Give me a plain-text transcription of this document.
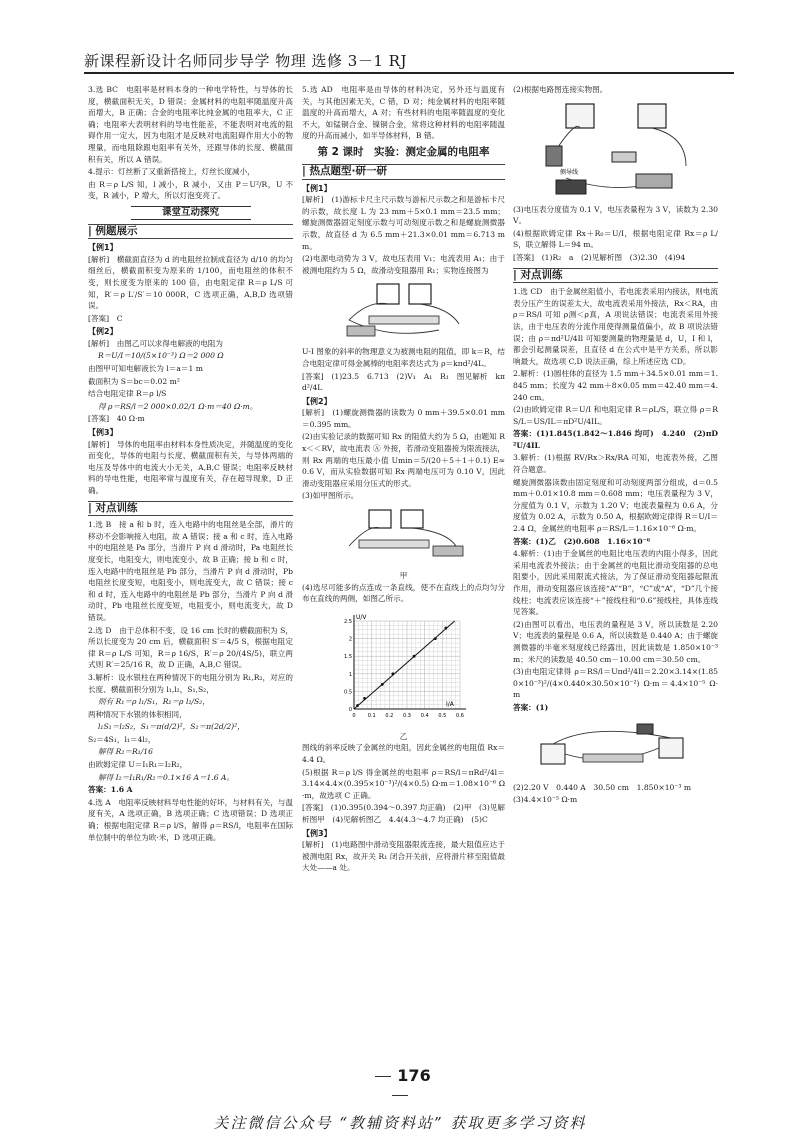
新课程新设计名师同步导学 物理 选修 3－1 RJ
3.选 BC　电阻率是材料本身的一种电学特性，与导体的长度，横截面积无关，D 错误；金属材料的电阻率随温度升高而增大，B 正确；合金的电阻率比纯金属的电阻率大，C 正确；电阻率大表明材料的导电性能差，不能表明对电流的阻碍作用一定大，因为电阻才是反映对电流阻碍作用大小的物理量，而电阻除跟电阻率有关外，还跟导体的长度、横截面积有关，所以 A 错误。
4.提示：灯丝断了又重新搭接上，灯丝长度减小，
由 R＝ρ L/S 知，l 减小，R 减小，又由 P＝U²/R，U 不变，R 减小，P 增大，所以灯泡变亮了。
课堂互动探究
| 例题展示
【例1】
[解析]　横截面直径为 d 的电阻丝拉制成直径为 d/10 的均匀细丝后，横截面积变为原来的 1/100，而电阻丝的体积不变，则长度变为原来的 100 倍，由电阻定律 R＝ρ L/S 可知，R′＝ρ L′/S′＝10 000R，C 选项正确，A,B,D 选项错误。
[答案]　C
【例2】
[解析]　由图乙可以求得电解液的电阻为
R＝U/I＝10/(5×10⁻³) Ω＝2 000 Ω
由图甲可知电解液长为 l＝a＝1 m
截面积为 S＝bc＝0.02 m²
结合电阻定律 R＝ρ l/S
得 ρ＝RS/l＝2 000×0.02/1 Ω·m＝40 Ω·m。
[答案]　40 Ω·m
【例3】
[解析]　导体的电阻率由材料本身性质决定，并随温度的变化而变化，导体的电阻与长度、横截面积有关，与导体两端的电压及导体中的电流大小无关，A,B,C 错误；电阻率反映材料的导电性能，电阻率常与温度有关，存在超导现象，D 正确。
| 对点训练
1.选 B　接 a 和 b 时，连入电路中的电阻丝是全部，滑片的移动不会影响接入电阻，故 A 错误；接 a 和 c 时，连入电路中的电阻丝是 Pa 部分，当滑片 P 向 d 滑动时，Pa 电阻丝长度变长，电阻变大，则电流变小，故 B 正确；接 b 和 c 时，连入电路中的电阻丝是 Pb 部分，当滑片 P 向 d 滑动时，Pb 电阻丝长度变短，电阻变小，则电流变大，故 C 错误；接 c 和 d 时，连入电路中的电阻丝是 Pb 部分，当滑片 P 向 d 滑动时，Pb 电阻丝长度变短，电阻变小，则电流变大，故 D 错误。
2.选 D　由于总体积不变，设 16 cm 长时的横截面积为 S，所以长度变为 20 cm 后，横截面积 S′＝4/5 S，根据电阻定律 R＝ρ L/S 可知，R＝ρ 16/S，R′＝ρ 20/(4S/5)，联立两式则 R′＝25/16 R，故 D 正确，A,B,C 错误。
3.解析：设水银柱在两种情况下的电阻分别为 R₁,R₂，对应的长度、横截面积分别为 l₁,l₂，S₁,S₂，
则有 R₁＝ρ l₁/S₁，R₂＝ρ l₂/S₂，
两种情况下水银的体积相同，
l₁S₁＝l₂S₂，S₁＝π(d/2)²，S₂＝π(2d/2)²，
S₂＝4S₁，l₁＝4l₂，
解得 R₂＝R₁/16
由欧姆定律 U＝I₁R₁＝I₂R₂，
解得 I₂＝I₁R₁/R₂＝0.1×16 A＝1.6 A。
答案：1.6 A
4.选 A　电阻率反映材料导电性能的好坏，与材料有关，与温度有关，A 选项正确，B 选项正确；C 选项错误；D 选项正确；根据电阻定律 R＝ρ l/S，解得 ρ＝RS/l，电阻率在国际单位制中的单位为欧·米，D 选项正确。
5.选 AD　电阻率是由导体的材料决定，另外还与温度有关，与其他因素无关，C 错，D 对；纯金属材料的电阻率随温度的升高而增大，A 对；有些材料的电阻率随温度的变化不大，如锰铜合金、镍铜合金，常将这种材料的电阻率随温度的升高而减小，如半导体材料，B 错。
第 2 课时　实验：测定金属的电阻率
| 热点题型·研一研
【例1】
[解析]　(1)游标卡尺主尺示数与游标尺示数之和是游标卡尺的示数，故长度 L 为 23 mm＋5×0.1 mm＝23.5 mm；螺旋测微器固定刻度示数与可动刻度示数之和是螺旋测微器示数，故直径 d 为 6.5 mm＋21.3×0.01 mm＝6.713 mm。
(2)电源电动势为 3 V，故电压表用 V₁；电流表用 A₁；由于被测电阻约为 5 Ω，故滑动变阻器用 R₁；实物连接图为
U-I 图象的斜率的物理意义为被测电阻的阻值，即 k＝R，结合电阻定律可得金属棒的电阻率表达式为 ρ＝kπd²/4L。
[答案]　(1)23.5　6.713　(2)V₁　A₁　R₁　图见解析　kπd²/4L
【例2】
[解析]　(1)螺旋测微器的读数为 0 mm＋39.5×0.01 mm＝0.395 mm。
(2)由实验记录的数据可知 Rx 的阻值大约为 5 Ω，由题知 Rx＜＜RV，故电流表 Ⓐ 外接，若滑动变阻器接为限流接法，则 Rx 两端的电压最小值 Umin＝5/(20＋5＋1＋0.1) E≈0.6 V，而从实验数据可知 Rx 两端电压可为 0.10 V，因此滑动变阻器应采用分压式的形式。
(3)如甲图所示。
甲
(4)选尽可能多的点连成一条直线，使不在直线上的点均匀分布在直线的两侧，如图乙所示。
I/A
U/V
0 0.1 0.2 0.3 0.4 0.5 0.6
0
0.5
1
1.5
2
2.5
乙
图线的斜率反映了金属丝的电阻，因此金属丝的电阻值 Rx＝4.4 Ω。
(5)根据 R＝ρ l/S 得金属丝的电阻率 ρ＝RS/l＝πRd²/4l＝3.14×4.4×(0.395×10⁻³)²/(4×0.5) Ω·m＝1.08×10⁻⁶ Ω·m，故选项 C 正确。
[答案]　(1)0.395(0.394～0.397 均正确)　(2)甲　(3)见解析图甲　(4)见解析图乙　4.4(4.3～4.7 均正确)　(5)C
【例3】
[解析]　(1)电路图中滑动变阻器限流连接，最大阻值应达于被测电阻 Rx，故开关 R₁ 闭合开关前，应将滑片移至阻值最大处——a 处。
(2)根据电路图连接实物图。
侧导线
(3)电压表分度值为 0.1 V，电压表量程为 3 V，读数为 2.30 V。
(4)根据欧姆定律 Rx＋R₀＝U/I，根据电阻定律 Rx＝ρ L/S，联立解得 L＝94 m。
[答案]　(1)R₂　a　(2)见解析图　(3)2.30　(4)94
| 对点训练
1.选 CD　由于金属丝阻值小，若电流表采用内接法，则电流表分压产生的误差太大，故电流表采用外接法，Rx＜RA，由 ρ＝RS/l 可知 ρ测＜ρ真，A 项说法错误；电流表采用外接法，由于电压表的分流作用使得测量值偏小，故 B 项说法错误；由 ρ＝πd²U/4Il 可知要测量的物理量是 d，U，I 和 l，都会引起测量误差，且直径 d 在公式中是平方关系，所以影响最大，故选项 C,D 说法正确，综上所述应选 CD。
2.解析：(1)圆柱体的直径为 1.5 mm＋34.5×0.01 mm＝1.845 mm；长度为 42 mm＋8×0.05 mm＝42.40 mm＝4.240 cm。
(2)由欧姆定律 R＝U/I 和电阻定律 R＝ρL/S，联立得 ρ＝RS/L＝US/IL＝πD²U/4IL。
答案：(1)1.845(1.842～1.846 均可)　4.240　(2)πD²U/4IL
3.解析：(1)根据 RV/Rx＞Rx/RA 可知，电流表外接，乙图符合题意。
螺旋测微器读数由固定刻度和可动刻度两部分组成，d＝0.5 mm＋0.01×10.8 mm＝0.608 mm；电压表量程为 3 V，分度值为 0.1 V，示数为 1.20 V；电流表量程为 0.6 A，分度值为 0.02 A，示数为 0.50 A，根据欧姆定律得 R＝U/I＝2.4 Ω，金属丝的电阻率 ρ＝RS/L＝1.16×10⁻⁶ Ω·m。
答案：(1)乙　(2)0.608　1.16×10⁻⁶
4.解析：(1)由于金属丝的电阻比电压表的内阻小得多，因此采用电流表外接法；由于金属丝的电阻比滑动变阻器的总电阻要小，因此采用限流式接法，为了保证滑动变阻器起限流作用，滑动变阻器应该连接“A”“B”，“C”或“A”，“D”几个接线柱；电流表应该连接“＋”接线柱和“0.6”接线柱，具体连线见答案。
(2)由图可以看出，电压表的量程是 3 V，所以读数是 2.20 V；电流表的量程是 0.6 A，所以读数是 0.440 A；由于螺旋测微器的半毫米刻度线已经露出，因此读数是 1.850×10⁻³ m；米尺的读数是 40.50 cm－10.00 cm＝30.50 cm。
(3)由电阻定律得 ρ＝RS/l＝Uπd²/4Il＝2.20×3.14×(1.850×10⁻³)²/(4×0.440×30.50×10⁻²) Ω·m＝4.4×10⁻⁵ Ω·m
答案：(1)
(2)2.20 V　0.440 A　30.50 cm　1.850×10⁻³ m
(3)4.4×10⁻⁵ Ω·m
176
关注微信公众号 “教辅资料站” 获取更多学习资料
